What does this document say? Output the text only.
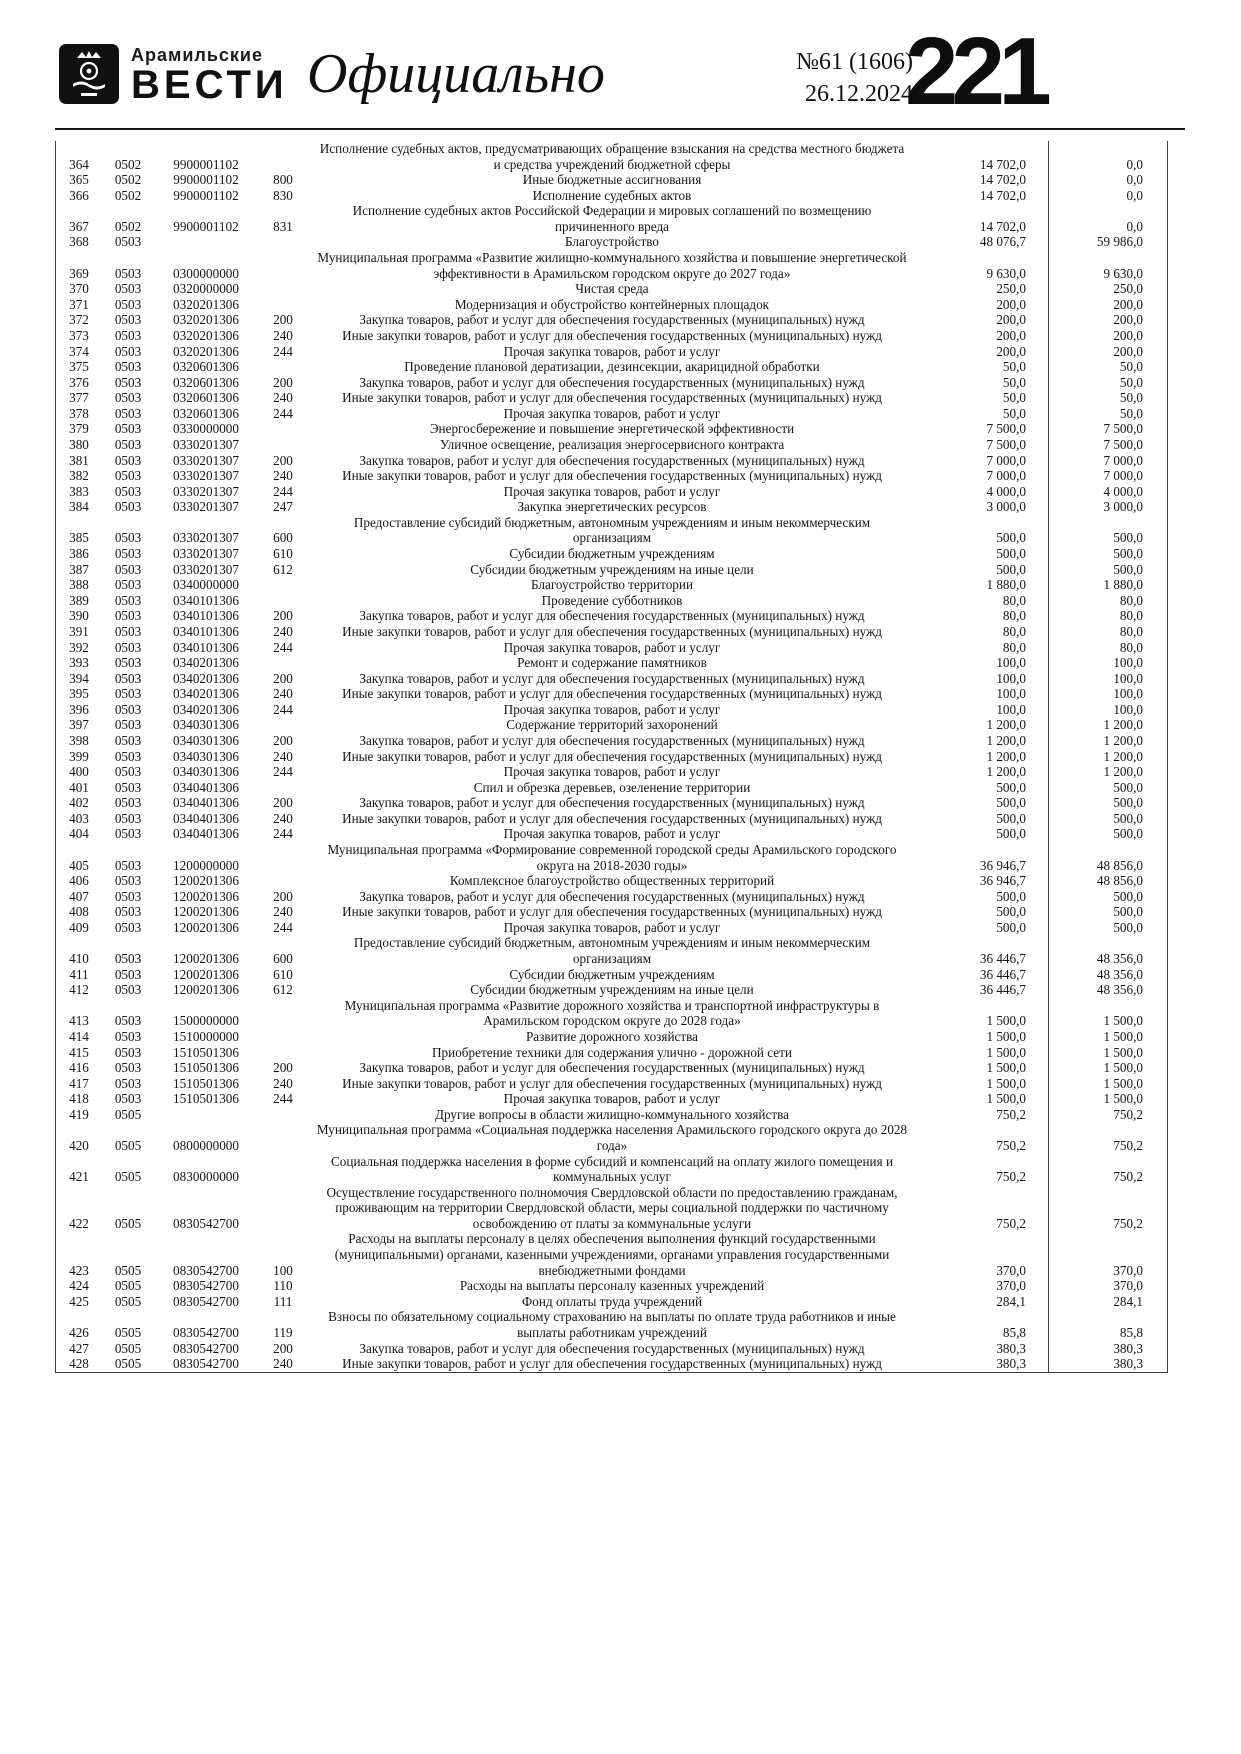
Арамильские
ВЕСТИ Официально	№61 (1606)
26.12.2024
221
364	0502	9900001102		Исполнение судебных актов, предусматривающих обращение взыскания на средства местного бюджета и средства учреждений бюджетной сферы	14 702,0	0,0
365	0502	9900001102	800	Иные бюджетные ассигнования	14 702,0	0,0
366	0502	9900001102	830	Исполнение судебных актов	14 702,0	0,0
367	0502	9900001102	831	Исполнение судебных актов Российской Федерации и мировых соглашений по возмещению причиненного вреда	14 702,0	0,0
368	0503			Благоустройство	48 076,7	59 986,0
369	0503	0300000000		Муниципальная программа «Развитие жилищно-коммунального хозяйства и повышение энергетической эффективности в Арамильском городском округе до 2027 года»	9 630,0	9 630,0
370	0503	0320000000		Чистая среда	250,0	250,0
371	0503	0320201306		Модернизация и обустройство контейнерных площадок	200,0	200,0
372	0503	0320201306	200	Закупка товаров, работ и услуг для обеспечения государственных (муниципальных) нужд	200,0	200,0
373	0503	0320201306	240	Иные закупки товаров, работ и услуг для обеспечения государственных (муниципальных) нужд	200,0	200,0
374	0503	0320201306	244	Прочая закупка товаров, работ и услуг	200,0	200,0
375	0503	0320601306		Проведение плановой дератизации, дезинсекции, акарицидной обработки	50,0	50,0
376	0503	0320601306	200	Закупка товаров, работ и услуг для обеспечения государственных (муниципальных) нужд	50,0	50,0
377	0503	0320601306	240	Иные закупки товаров, работ и услуг для обеспечения государственных (муниципальных) нужд	50,0	50,0
378	0503	0320601306	244	Прочая закупка товаров, работ и услуг	50,0	50,0
379	0503	0330000000		Энергосбережение и повышение энергетической эффективности	7 500,0	7 500,0
380	0503	0330201307		Уличное освещение, реализация энергосервисного контракта	7 500,0	7 500,0
381	0503	0330201307	200	Закупка товаров, работ и услуг для обеспечения государственных (муниципальных) нужд	7 000,0	7 000,0
382	0503	0330201307	240	Иные закупки товаров, работ и услуг для обеспечения государственных (муниципальных) нужд	7 000,0	7 000,0
383	0503	0330201307	244	Прочая закупка товаров, работ и услуг	4 000,0	4 000,0
384	0503	0330201307	247	Закупка энергетических ресурсов	3 000,0	3 000,0
385	0503	0330201307	600	Предоставление субсидий бюджетным, автономным учреждениям и иным некоммерческим организациям	500,0	500,0
386	0503	0330201307	610	Субсидии бюджетным учреждениям	500,0	500,0
387	0503	0330201307	612	Субсидии бюджетным учреждениям на иные цели	500,0	500,0
388	0503	0340000000		Благоустройство территории	1 880,0	1 880,0
389	0503	0340101306		Проведение субботников	80,0	80,0
390	0503	0340101306	200	Закупка товаров, работ и услуг для обеспечения государственных (муниципальных) нужд	80,0	80,0
391	0503	0340101306	240	Иные закупки товаров, работ и услуг для обеспечения государственных (муниципальных) нужд	80,0	80,0
392	0503	0340101306	244	Прочая закупка товаров, работ и услуг	80,0	80,0
393	0503	0340201306		Ремонт и содержание памятников	100,0	100,0
394	0503	0340201306	200	Закупка товаров, работ и услуг для обеспечения государственных (муниципальных) нужд	100,0	100,0
395	0503	0340201306	240	Иные закупки товаров, работ и услуг для обеспечения государственных (муниципальных) нужд	100,0	100,0
396	0503	0340201306	244	Прочая закупка товаров, работ и услуг	100,0	100,0
397	0503	0340301306		Содержание территорий захоронений	1 200,0	1 200,0
398	0503	0340301306	200	Закупка товаров, работ и услуг для обеспечения государственных (муниципальных) нужд	1 200,0	1 200,0
399	0503	0340301306	240	Иные закупки товаров, работ и услуг для обеспечения государственных (муниципальных) нужд	1 200,0	1 200,0
400	0503	0340301306	244	Прочая закупка товаров, работ и услуг	1 200,0	1 200,0
401	0503	0340401306		Спил и обрезка деревьев, озеленение территории	500,0	500,0
402	0503	0340401306	200	Закупка товаров, работ и услуг для обеспечения государственных (муниципальных) нужд	500,0	500,0
403	0503	0340401306	240	Иные закупки товаров, работ и услуг для обеспечения государственных (муниципальных) нужд	500,0	500,0
404	0503	0340401306	244	Прочая закупка товаров, работ и услуг	500,0	500,0
405	0503	1200000000		Муниципальная программа «Формирование современной городской среды Арамильского городского округа на 2018-2030 годы»	36 946,7	48 856,0
406	0503	1200201306		Комплексное благоустройство общественных территорий	36 946,7	48 856,0
407	0503	1200201306	200	Закупка товаров, работ и услуг для обеспечения государственных (муниципальных) нужд	500,0	500,0
408	0503	1200201306	240	Иные закупки товаров, работ и услуг для обеспечения государственных (муниципальных) нужд	500,0	500,0
409	0503	1200201306	244	Прочая закупка товаров, работ и услуг	500,0	500,0
410	0503	1200201306	600	Предоставление субсидий бюджетным, автономным учреждениям и иным некоммерческим организациям	36 446,7	48 356,0
411	0503	1200201306	610	Субсидии бюджетным учреждениям	36 446,7	48 356,0
412	0503	1200201306	612	Субсидии бюджетным учреждениям на иные цели	36 446,7	48 356,0
413	0503	1500000000		Муниципальная программа «Развитие дорожного хозяйства и транспортной инфраструктуры в Арамильском городском округе до 2028 года»	1 500,0	1 500,0
414	0503	1510000000		Развитие дорожного хозяйства	1 500,0	1 500,0
415	0503	1510501306		Приобретение техники для содержания улично - дорожной сети	1 500,0	1 500,0
416	0503	1510501306	200	Закупка товаров, работ и услуг для обеспечения государственных (муниципальных) нужд	1 500,0	1 500,0
417	0503	1510501306	240	Иные закупки товаров, работ и услуг для обеспечения государственных (муниципальных) нужд	1 500,0	1 500,0
418	0503	1510501306	244	Прочая закупка товаров, работ и услуг	1 500,0	1 500,0
419	0505			Другие вопросы в области жилищно-коммунального хозяйства	750,2	750,2
420	0505	0800000000		Муниципальная программа «Социальная поддержка населения Арамильского городского округа до 2028 года»	750,2	750,2
421	0505	0830000000		Социальная поддержка населения в форме субсидий и компенсаций на оплату жилого помещения и коммунальных услуг	750,2	750,2
422	0505	0830542700		Осуществление государственного полномочия Свердловской области по предоставлению гражданам, проживающим на территории Свердловской области, меры социальной поддержки по частичному освобождению от платы за коммунальные услуги	750,2	750,2
423	0505	0830542700	100	Расходы на выплаты персоналу в целях обеспечения выполнения функций государственными (муниципальными) органами, казенными учреждениями, органами управления государственными внебюджетными фондами	370,0	370,0
424	0505	0830542700	110	Расходы на выплаты персоналу казенных учреждений	370,0	370,0
425	0505	0830542700	111	Фонд оплаты труда учреждений	284,1	284,1
426	0505	0830542700	119	Взносы по обязательному социальному страхованию на выплаты по оплате труда работников и иные выплаты работникам учреждений	85,8	85,8
427	0505	0830542700	200	Закупка товаров, работ и услуг для обеспечения государственных (муниципальных) нужд	380,3	380,3
428	0505	0830542700	240	Иные закупки товаров, работ и услуг для обеспечения государственных (муниципальных) нужд	380,3	380,3
